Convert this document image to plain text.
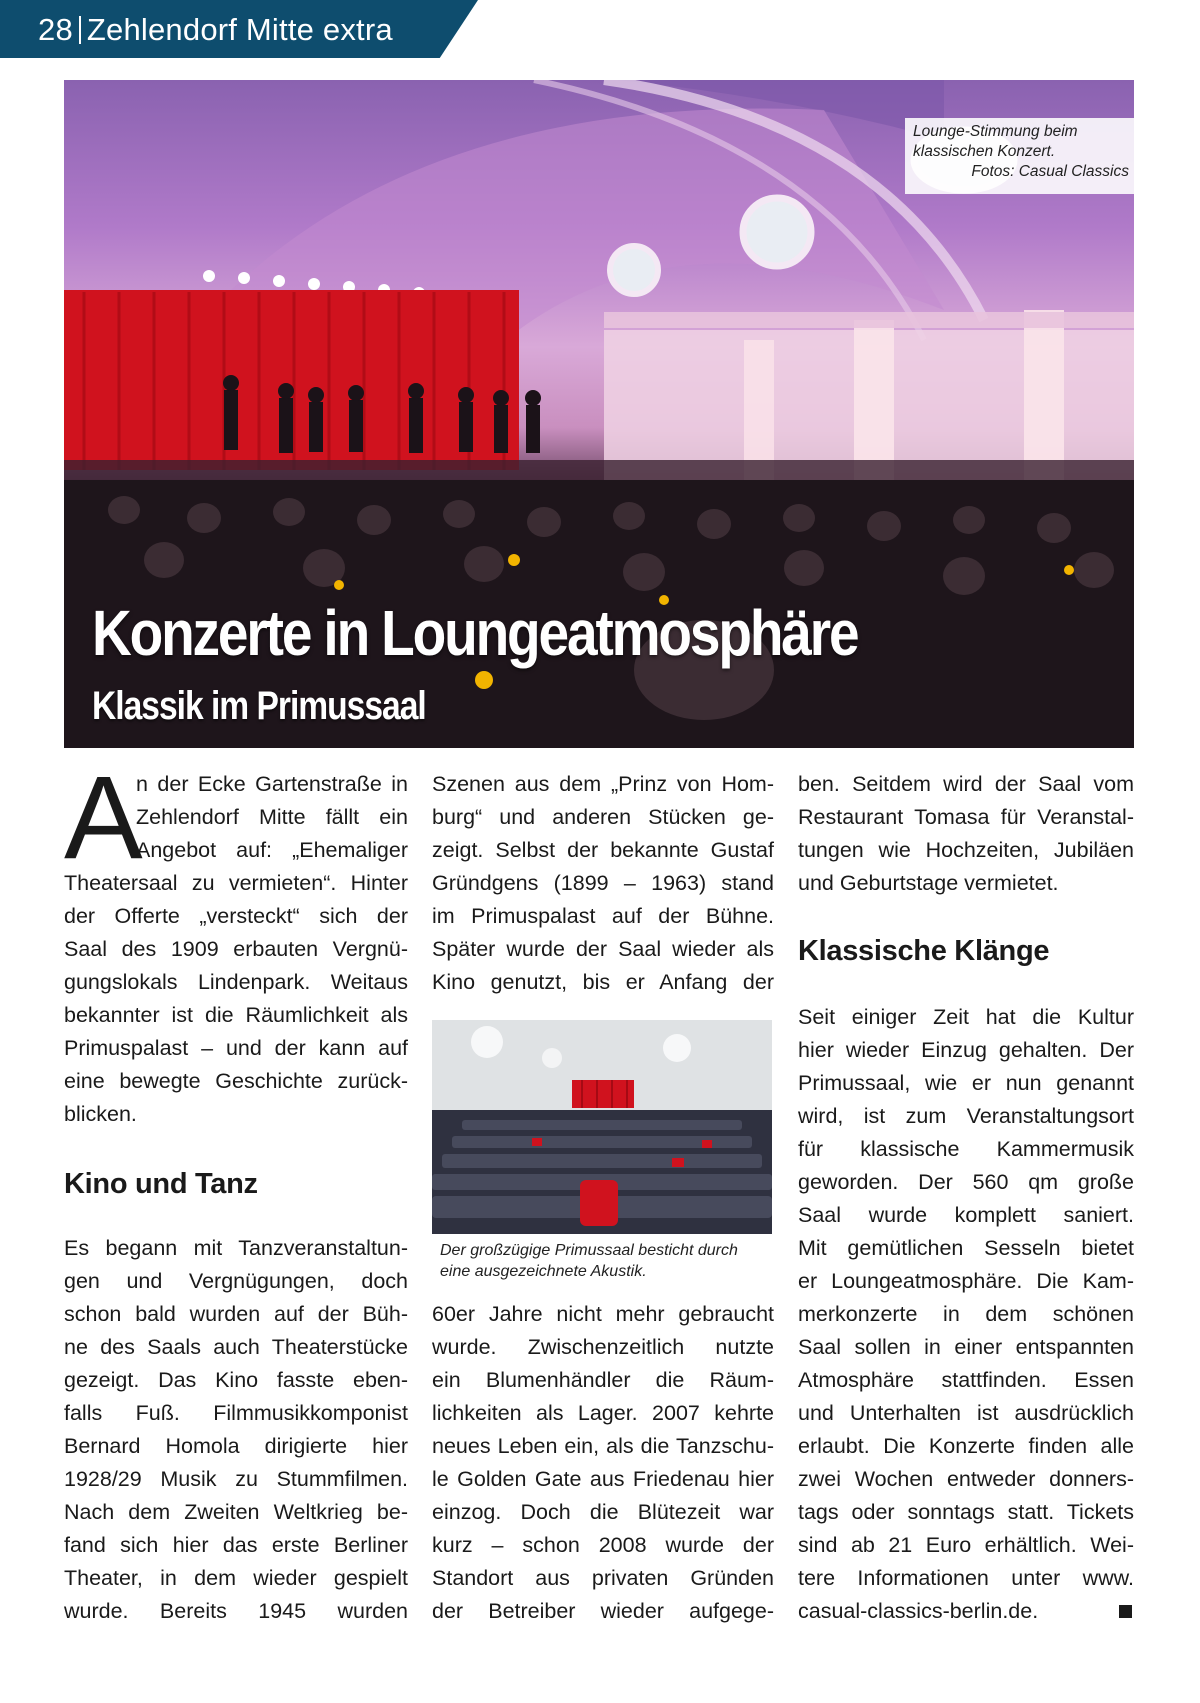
28 Zehlendorf Mitte extra
Lounge-Stimmung beim
klassischen Konzert.
Fotos: Casual Classics
Konzerte in Loungeatmosphäre
Klassik im Primussaal
A
n der Ecke Gartenstraße in
Zehlendorf Mitte fällt ein
Angebot auf: „Ehemaliger
Theatersaal zu vermieten“. Hinter
der Offerte „versteckt“ sich der
Saal des 1909 erbauten Vergnü-
gungslokals Lindenpark. Weitaus
bekannter ist die Räumlichkeit als
Primuspalast – und der kann auf
eine bewegte Geschichte zurück-
blicken.
Kino und Tanz
Es begann mit Tanzveranstaltun-
gen und Vergnügungen, doch
schon bald wurden auf der Büh-
ne des Saals auch Theaterstücke
gezeigt. Das Kino fasste eben-
falls Fuß. Filmmusikkomponist
Bernard Homola dirigierte hier
1928/29 Musik zu Stummfilmen.
Nach dem Zweiten Weltkrieg be-
fand sich hier das erste Berliner
Theater, in dem wieder gespielt
wurde. Bereits 1945 wurden
Szenen aus dem „Prinz von Hom-
burg“ und anderen Stücken ge-
zeigt. Selbst der bekannte Gustaf
Gründgens (1899 – 1963) stand
im Primuspalast auf der Bühne.
Später wurde der Saal wieder als
Kino genutzt, bis er Anfang der
Der großzügige Primussaal besticht durch
eine ausgezeichnete Akustik.
60er Jahre nicht mehr gebraucht
wurde. Zwischenzeitlich nutzte
ein Blumenhändler die Räum-
lichkeiten als Lager. 2007 kehrte
neues Leben ein, als die Tanzschu-
le Golden Gate aus Friedenau hier
einzog. Doch die Blütezeit war
kurz – schon 2008 wurde der
Standort aus privaten Gründen
der Betreiber wieder aufgege-
ben. Seitdem wird der Saal vom
Restaurant Tomasa für Veranstal-
tungen wie Hochzeiten, Jubiläen
und Geburtstage vermietet.
Klassische Klänge
Seit einiger Zeit hat die Kultur
hier wieder Einzug gehalten. Der
Primussaal, wie er nun genannt
wird, ist zum Veranstaltungsort
für klassische Kammermusik
geworden. Der 560 qm große
Saal wurde komplett saniert.
Mit gemütlichen Sesseln bietet
er Loungeatmosphäre. Die Kam-
merkonzerte in dem schönen
Saal sollen in einer entspannten
Atmosphäre stattfinden. Essen
und Unterhalten ist ausdrücklich
erlaubt. Die Konzerte finden alle
zwei Wochen entweder donners-
tags oder sonntags statt. Tickets
sind ab 21 Euro erhältlich. Wei-
tere Informationen unter www.
casual-classics-berlin.de.
